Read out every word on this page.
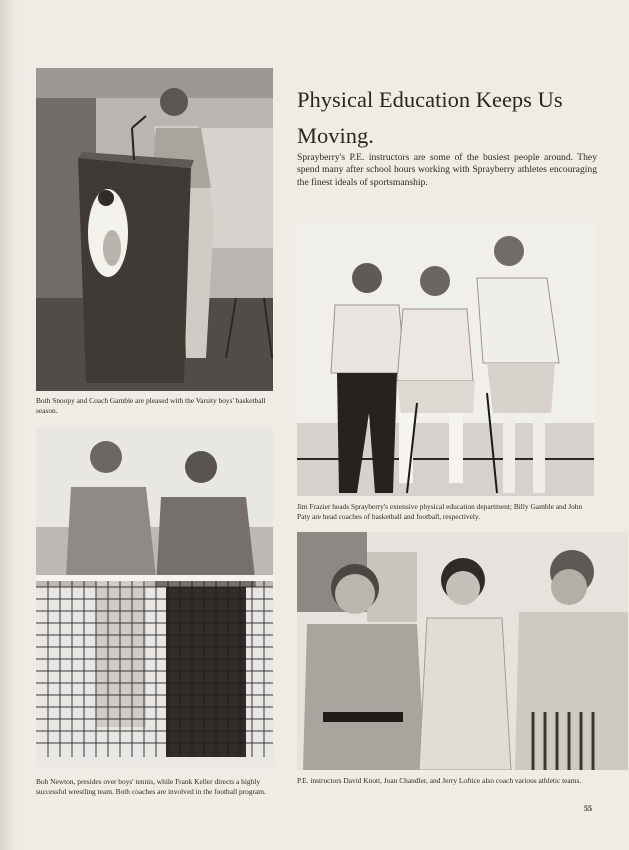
Both Snoopy and Coach Gamble are pleased with the Varsity boys' basketball season.
Bob Newton, presides over boys' tennis, while Frank Keller directs a highly successful wrestling team. Both coaches are involved in the football program.
Physical Education Keeps Us Moving.
Sprayberry's P.E. instructors are some of the busiest people around. They spend many after school hours working with Sprayberry athletes encouraging the finest ideals of sportsmanship.
Jim Frazier heads Sprayberry's extensive physical education department; Billy Gamble and John Paty are head coaches of basketball and football, respectively.
P.E. instructors David Knott, Joan Chandler, and Jerry Loftice also coach various athletic teams.
55
